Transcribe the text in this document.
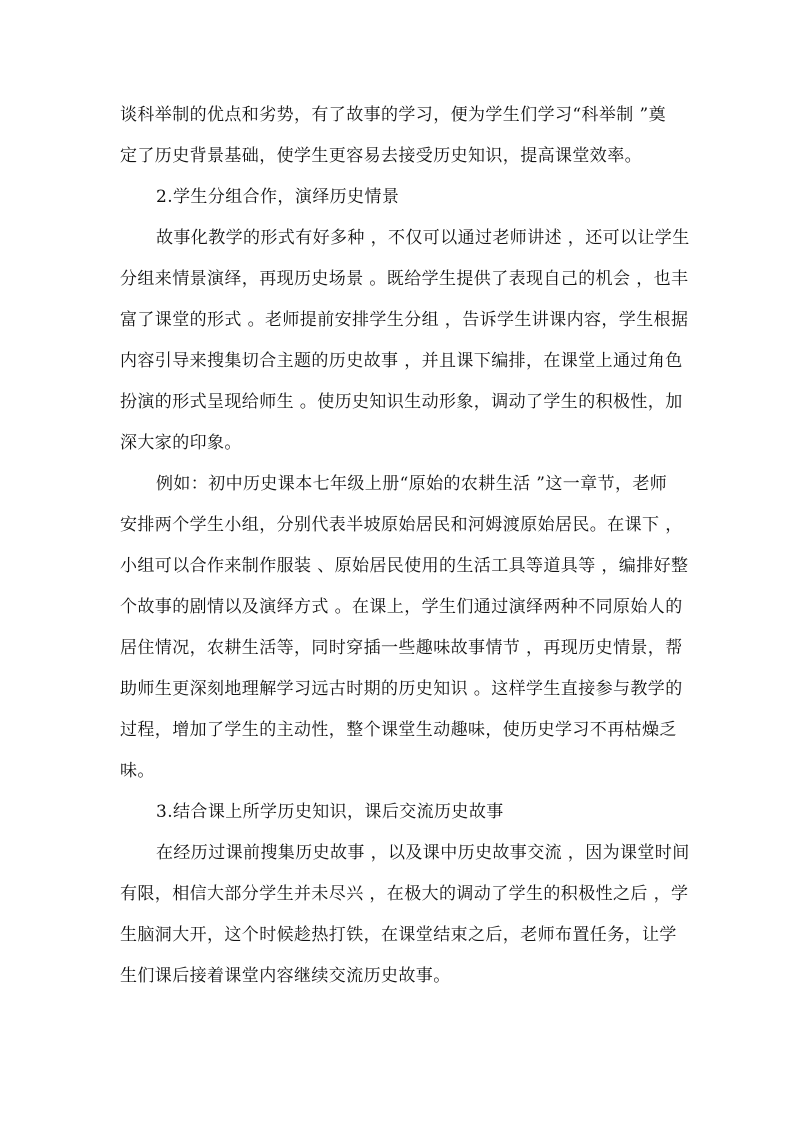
谈科举制的优点和劣势，有了故事的学习，便为学生们学习“科举制 ”奠
定了历史背景基础，使学生更容易去接受历史知识，提高课堂效率。
2.学生分组合作，演绎历史情景
故事化教学的形式有好多种 ，不仅可以通过老师讲述 ，还可以让学生
分组来情景演绎，再现历史场景 。既给学生提供了表现自己的机会 ，也丰
富了课堂的形式 。老师提前安排学生分组 ，告诉学生讲课内容，学生根据
内容引导来搜集切合主题的历史故事 ，并且课下编排，在课堂上通过角色
扮演的形式呈现给师生 。使历史知识生动形象，调动了学生的积极性，加
深大家的印象。
例如：初中历史课本七年级上册“原始的农耕生活 ”这一章节，老师
安排两个学生小组，分别代表半坡原始居民和河姆渡原始居民。在课下 ，
小组可以合作来制作服装 、原始居民使用的生活工具等道具等 ，编排好整
个故事的剧情以及演绎方式 。在课上，学生们通过演绎两种不同原始人的
居住情况，农耕生活等，同时穿插一些趣味故事情节 ，再现历史情景，帮
助师生更深刻地理解学习远古时期的历史知识 。这样学生直接参与教学的
过程，增加了学生的主动性，整个课堂生动趣味，使历史学习不再枯燥乏
味。
3.结合课上所学历史知识，课后交流历史故事
在经历过课前搜集历史故事 ，以及课中历史故事交流 ，因为课堂时间
有限，相信大部分学生并未尽兴 ，在极大的调动了学生的积极性之后 ，学
生脑洞大开，这个时候趁热打铁，在课堂结束之后，老师布置任务，让学
生们课后接着课堂内容继续交流历史故事。
